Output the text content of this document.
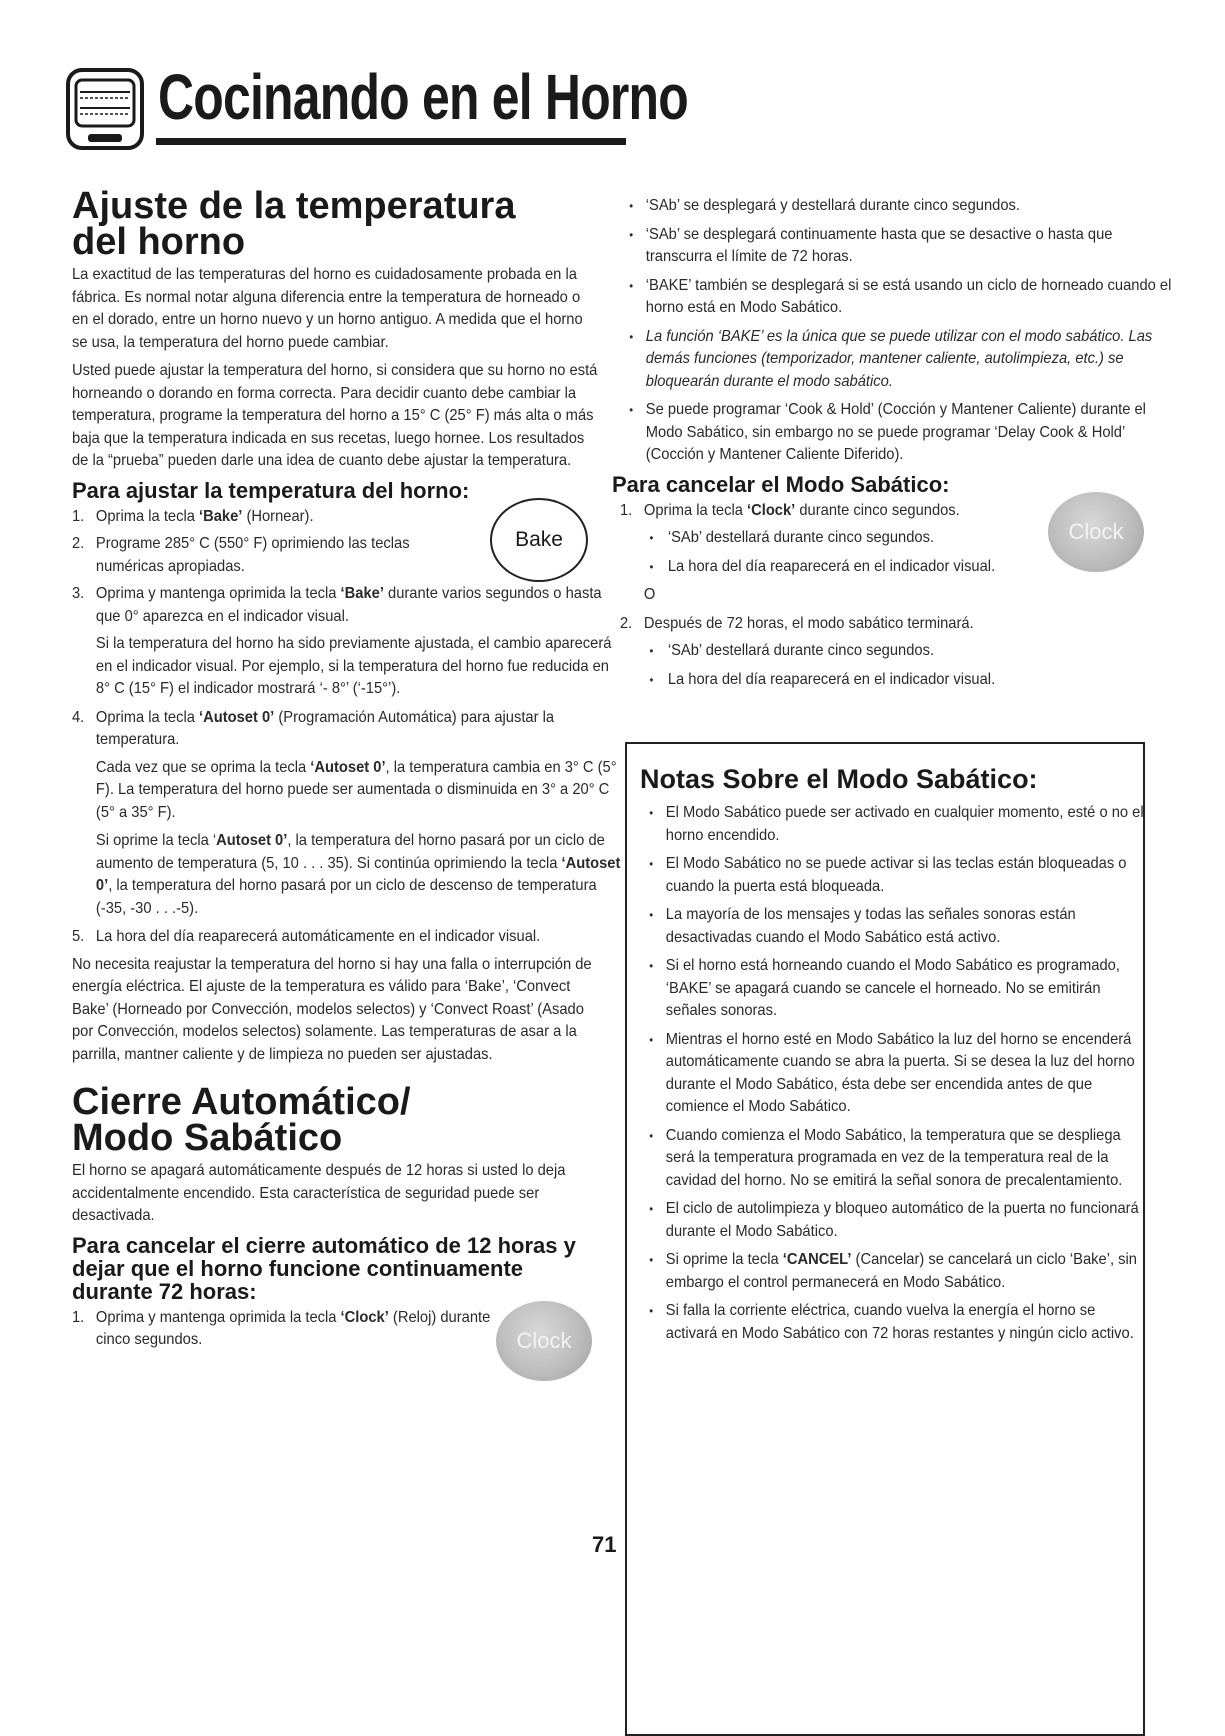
Cocinando en el Horno
Ajuste de la temperatura
del horno

La exactitud de las temperaturas del horno es cuidadosamente probada en la fábrica. Es normal notar alguna diferencia entre la temperatura de horneado o en el dorado, entre un horno nuevo y un horno antiguo. A medida que el horno se usa, la temperatura del horno puede cambiar.

Usted puede ajustar la temperatura del horno, si considera que su horno no está horneando o dorando en forma correcta. Para decidir cuanto debe cambiar la temperatura, programe la temperatura del horno a 15° C (25° F) más alta o más baja que la temperatura indicada en sus recetas, luego hornee. Los resultados de la “prueba” pueden darle una idea de cuanto debe ajustar la temperatura.

Para ajustar la temperatura del horno:
Bake
1. Oprima la tecla ‘Bake’ (Hornear).
2. Programe 285° C (550° F) oprimiendo las teclas numéricas apropiadas.
3. Oprima y mantenga oprimida la tecla ‘Bake’ durante varios segundos o hasta que 0° aparezca en el indicador visual.
Si la temperatura del horno ha sido previamente ajustada, el cambio aparecerá en el indicador visual. Por ejemplo, si la temperatura del horno fue reducida en 8° C (15° F) el indicador mostrará ‘- 8°’ (‘-15°’).
4. Oprima la tecla ‘Autoset 0’ (Programación Automática) para ajustar la temperatura.
Cada vez que se oprima la tecla ‘Autoset 0’, la temperatura cambia en 3° C (5° F). La temperatura del horno puede ser aumentada o disminuida en 3° a 20° C (5° a 35° F).
Si oprime la tecla ‘Autoset 0’, la temperatura del horno pasará por un ciclo de aumento de temperatura (5, 10 . . . 35). Si continúa oprimiendo la tecla ‘Autoset 0’, la temperatura del horno pasará por un ciclo de descenso de temperatura (-35, -30 . . .-5).
5. La hora del día reaparecerá automáticamente en el indicador visual.

No necesita reajustar la temperatura del horno si hay una falla o interrupción de energía eléctrica. El ajuste de la temperatura es válido para ‘Bake’, ‘Convect Bake’ (Horneado por Convección, modelos selectos) y ‘Convect Roast’ (Asado por Convección, modelos selectos) solamente. Las temperaturas de asar a la parrilla, mantner caliente y de limpieza no pueden ser ajustadas.

Cierre Automático/
Modo Sabático

El horno se apagará automáticamente después de 12 horas si usted lo deja accidentalmente encendido. Esta característica de seguridad puede ser desactivada.

Para cancelar el cierre automático de 12 horas y dejar que el horno funcione continuamente durante 72 horas:
Clock
1. Oprima y mantenga oprimida la tecla ‘Clock’ (Reloj) durante cinco segundos.
• ‘SAb’ se desplegará y destellará durante cinco segundos.
• ‘SAb’ se desplegará continuamente hasta que se desactive o hasta que transcurra el límite de 72 horas.
• ‘BAKE’ también se desplegará si se está usando un ciclo de horneado cuando el horno está en Modo Sabático.
• La función ‘BAKE’ es la única que se puede utilizar con el modo sabático. Las demás funciones (temporizador, mantener caliente, autolimpieza, etc.) se bloquearán durante el modo sabático.
• Se puede programar ‘Cook & Hold’ (Cocción y Mantener Caliente) durante el Modo Sabático, sin embargo no se puede programar ‘Delay Cook & Hold’ (Cocción y Mantener Caliente Diferido).
Para cancelar el Modo Sabático:
Clock
1. Oprima la tecla ‘Clock’ durante cinco segundos.
• ‘SAb’ destellará durante cinco segundos.
• La hora del día reaparecerá en el indicador visual.
O
2. Después de 72 horas, el modo sabático terminará.
• ‘SAb’ destellará durante cinco segundos.
• La hora del día reaparecerá en el indicador visual.
Notas Sobre el Modo Sabático:
• El Modo Sabático puede ser activado en cualquier momento, esté o no el horno encendido.
• El Modo Sabático no se puede activar si las teclas están bloqueadas o cuando la puerta está bloqueada.
• La mayoría de los mensajes y todas las señales sonoras están desactivadas cuando el Modo Sabático está activo.
• Si el horno está horneando cuando el Modo Sabático es programado, ‘BAKE’ se apagará cuando se cancele el horneado. No se emitirán señales sonoras.
• Mientras el horno esté en Modo Sabático la luz del horno se encenderá automáticamente cuando se abra la puerta. Si se desea la luz del horno durante el Modo Sabático, ésta debe ser encendida antes de que comience el Modo Sabático.
• Cuando comienza el Modo Sabático, la temperatura que se despliega será la temperatura programada en vez de la temperatura real de la cavidad del horno. No se emitirá la señal sonora de precalentamiento.
• El ciclo de autolimpieza y bloqueo automático de la puerta no funcionará durante el Modo Sabático.
• Si oprime la tecla ‘CANCEL’ (Cancelar) se cancelará un ciclo ‘Bake’, sin embargo el control permanecerá en Modo Sabático.
• Si falla la corriente eléctrica, cuando vuelva la energía el horno se activará en Modo Sabático con 72 horas restantes y ningún ciclo activo.
71
